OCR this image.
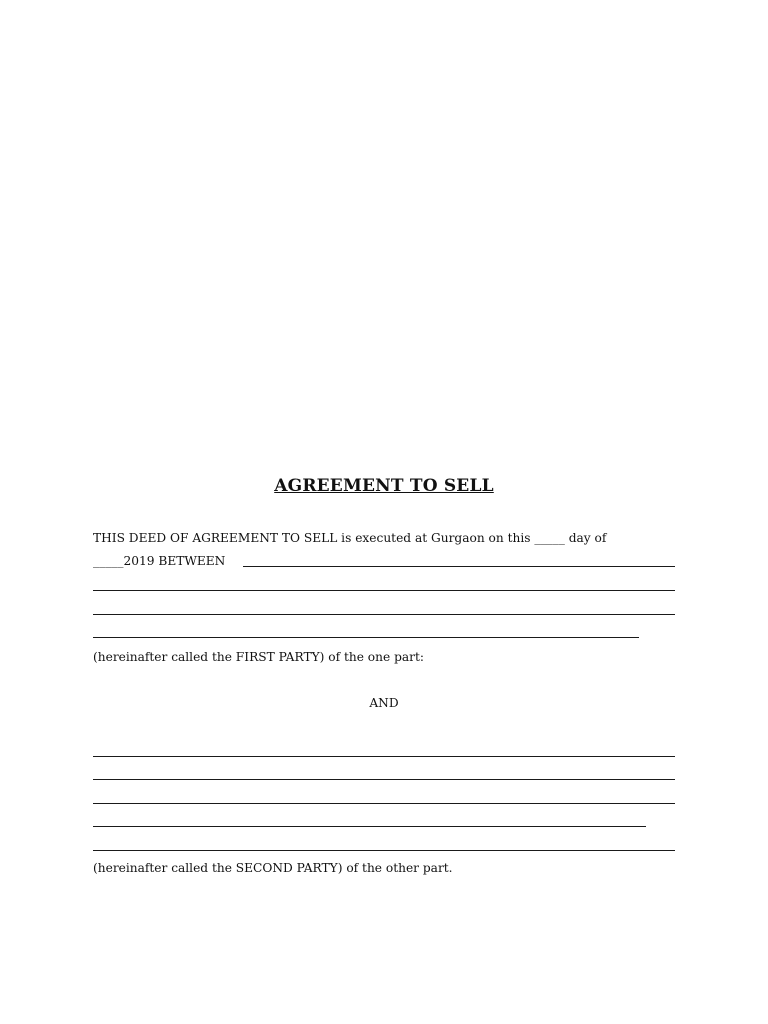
AGREEMENT TO SELL

THIS DEED OF AGREEMENT TO SELL is executed at Gurgaon on this _____ day of

_____2019 BETWEEN

(hereinafter called the FIRST PARTY) of the one part:

AND

(hereinafter called the SECOND PARTY) of the other part.
